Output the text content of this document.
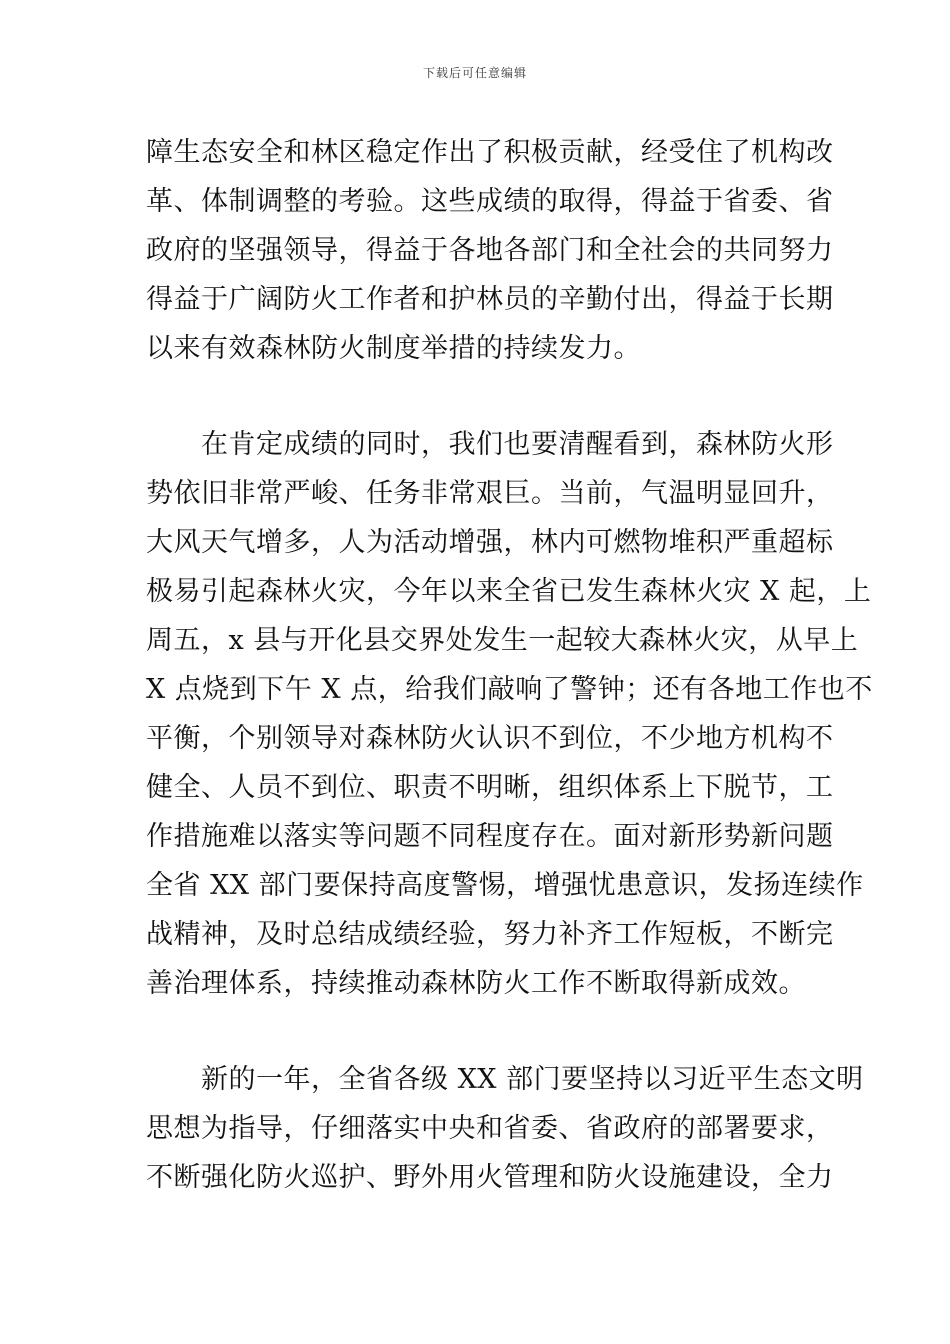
下载后可任意编辑
障生态安全和林区稳定作出了积极贡献，经受住了机构改
革、体制调整的考验。这些成绩的取得，得益于省委、省
政府的坚强领导，得益于各地各部门和全社会的共同努力
得益于广阔防火工作者和护林员的辛勤付出，得益于长期
以来有效森林防火制度举措的持续发力。
　　在肯定成绩的同时，我们也要清醒看到，森林防火形
势依旧非常严峻、任务非常艰巨。当前，气温明显回升，
大风天气增多，人为活动增强，林内可燃物堆积严重超标
极易引起森林火灾，今年以来全省已发生森林火灾 X 起，上
周五，x 县与开化县交界处发生一起较大森林火灾，从早上
X 点烧到下午 X 点，给我们敲响了警钟；还有各地工作也不
平衡，个别领导对森林防火认识不到位，不少地方机构不
健全、人员不到位、职责不明晰，组织体系上下脱节，工
作措施难以落实等问题不同程度存在。面对新形势新问题
全省 XX 部门要保持高度警惕，增强忧患意识，发扬连续作
战精神，及时总结成绩经验，努力补齐工作短板，不断完
善治理体系，持续推动森林防火工作不断取得新成效。
　　新的一年，全省各级 XX 部门要坚持以习近平生态文明
思想为指导，仔细落实中央和省委、省政府的部署要求，
不断强化防火巡护、野外用火管理和防火设施建设，全力
